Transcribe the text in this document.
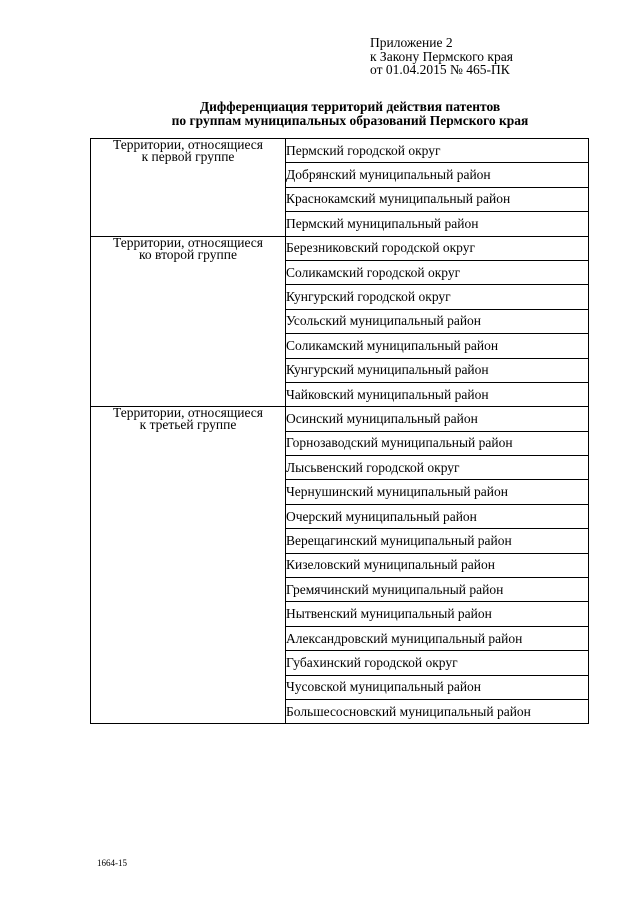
Приложение 2
к Закону Пермского края
от 01.04.2015 № 465-ПК
Дифференциация территорий действия патентов
по группам муниципальных образований Пермского края
Территории, относящиеся
к первой группе	Пермский городской округ
	Добрянский муниципальный район
	Краснокамский муниципальный район
	Пермский муниципальный район

Территории, относящиеся
ко второй группе	Березниковский городской округ
	Соликамский городской округ
	Кунгурский городской округ
	Усольский муниципальный район
	Соликамский муниципальный район
	Кунгурский муниципальный район
	Чайковский муниципальный район

Территории, относящиеся
к третьей группе	Осинский муниципальный район
	Горнозаводский муниципальный район
	Лысьвенский городской округ
	Чернушинский муниципальный район
	Очерский муниципальный район
	Верещагинский муниципальный район
	Кизеловский муниципальный район
	Гремячинский муниципальный район
	Нытвенский муниципальный район
	Александровский муниципальный район
	Губахинский городской округ
	Чусовской муниципальный район
	Большесосновский муниципальный район
1664-15
